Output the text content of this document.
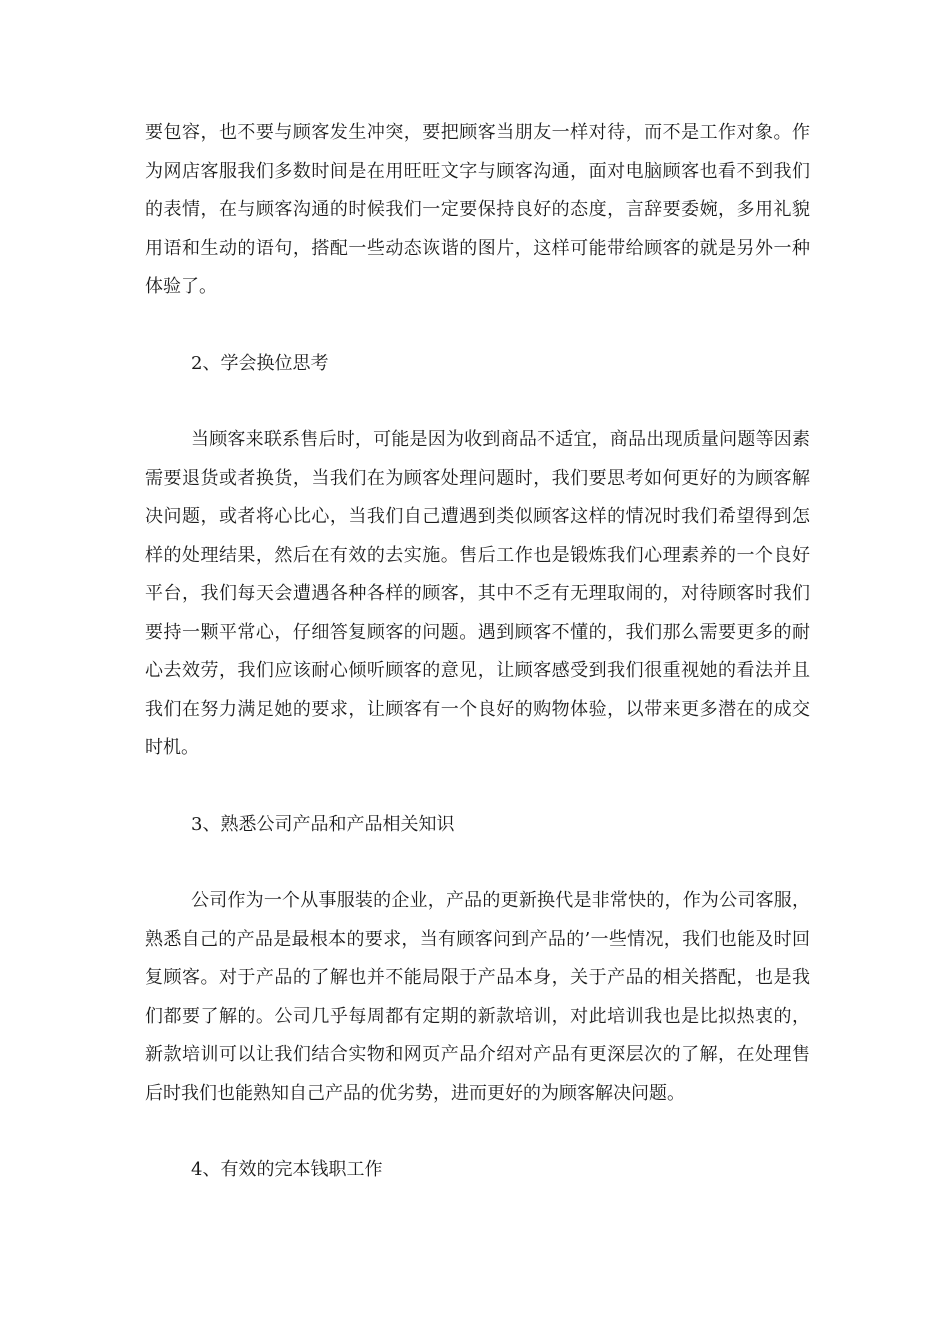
要包容，也不要与顾客发生冲突，要把顾客当朋友一样对待，而不是工作对象。作为网店客服我们多数时间是在用旺旺文字与顾客沟通，面对电脑顾客也看不到我们的表情，在与顾客沟通的时候我们一定要保持良好的态度，言辞要委婉，多用礼貌用语和生动的语句，搭配一些动态诙谐的图片，这样可能带给顾客的就是另外一种体验了。

2、学会换位思考

当顾客来联系售后时，可能是因为收到商品不适宜，商品出现质量问题等因素需要退货或者换货，当我们在为顾客处理问题时，我们要思考如何更好的为顾客解决问题，或者将心比心，当我们自己遭遇到类似顾客这样的情况时我们希望得到怎样的处理结果，然后在有效的去实施。售后工作也是锻炼我们心理素养的一个良好平台，我们每天会遭遇各种各样的顾客，其中不乏有无理取闹的，对待顾客时我们要持一颗平常心，仔细答复顾客的问题。遇到顾客不懂的，我们那么需要更多的耐心去效劳，我们应该耐心倾听顾客的意见，让顾客感受到我们很重视她的看法并且我们在努力满足她的要求，让顾客有一个良好的购物体验，以带来更多潜在的成交时机。

3、熟悉公司产品和产品相关知识

公司作为一个从事服装的企业，产品的更新换代是非常快的，作为公司客服，熟悉自己的产品是最根本的要求，当有顾客问到产品的’一些情况，我们也能及时回复顾客。对于产品的了解也并不能局限于产品本身，关于产品的相关搭配，也是我们都要了解的。公司几乎每周都有定期的新款培训，对此培训我也是比拟热衷的，新款培训可以让我们结合实物和网页产品介绍对产品有更深层次的了解，在处理售后时我们也能熟知自己产品的优劣势，进而更好的为顾客解决问题。

4、有效的完本钱职工作
